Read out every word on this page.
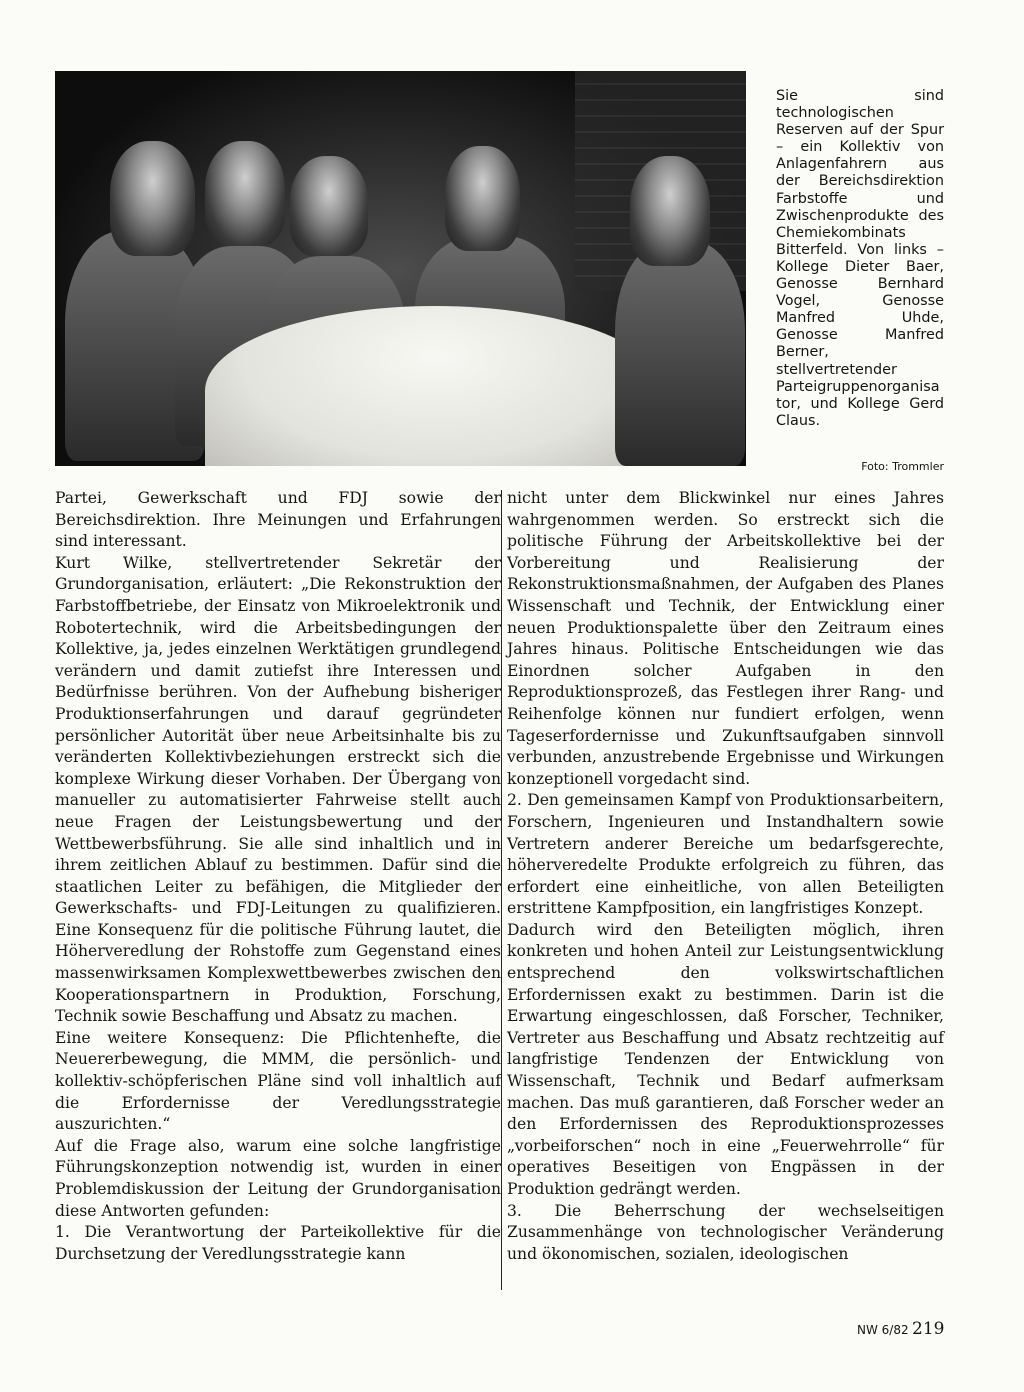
Sie sind technologischen Reserven auf der Spur – ein Kollektiv von Anlagenfahrern aus der Bereichsdirektion Farbstoffe und Zwischenprodukte des Chemiekombinats Bitterfeld. Von links – Kollege Dieter Baer, Genosse Bernhard Vogel, Genosse Manfred Uhde, Genosse Manfred Berner, stellvertretender Parteigruppenorganisator, und Kollege Gerd Claus.
Foto: Trommler

Partei, Gewerkschaft und FDJ sowie der Bereichsdirektion. Ihre Meinungen und Erfahrungen sind interessant.

Kurt Wilke, stellvertretender Sekretär der Grundorganisation, erläutert: „Die Rekonstruktion der Farbstoffbetriebe, der Einsatz von Mikroelektronik und Robotertechnik, wird die Arbeitsbedingungen der Kollektive, ja, jedes einzelnen Werktätigen grundlegend verändern und damit zutiefst ihre Interessen und Bedürfnisse berühren. Von der Aufhebung bisheriger Produktionserfahrungen und darauf gegründeter persönlicher Autorität über neue Arbeitsinhalte bis zu veränderten Kollektivbeziehungen erstreckt sich die komplexe Wirkung dieser Vorhaben. Der Übergang von manueller zu automatisierter Fahrweise stellt auch neue Fragen der Leistungsbewertung und der Wettbewerbsführung. Sie alle sind inhaltlich und in ihrem zeitlichen Ablauf zu bestimmen. Dafür sind die staatlichen Leiter zu befähigen, die Mitglieder der Gewerkschafts- und FDJ-Leitungen zu qualifizieren. Eine Konsequenz für die politische Führung lautet, die Höherveredlung der Rohstoffe zum Gegenstand eines massenwirksamen Komplexwettbewerbes zwischen den Kooperationspartnern in Produktion, Forschung, Technik sowie Beschaffung und Absatz zu machen.

Eine weitere Konsequenz: Die Pflichtenhefte, die Neuererbewegung, die MMM, die persönlich- und kollektiv-schöpferischen Pläne sind voll inhaltlich auf die Erfordernisse der Veredlungsstrategie auszurichten.“

Auf die Frage also, warum eine solche langfristige Führungskonzeption notwendig ist, wurden in einer Problemdiskussion der Leitung der Grundorganisation diese Antworten gefunden:

1. Die Verantwortung der Parteikollektive für die Durchsetzung der Veredlungsstrategie kann

nicht unter dem Blickwinkel nur eines Jahres wahrgenommen werden. So erstreckt sich die politische Führung der Arbeitskollektive bei der Vorbereitung und Realisierung der Rekonstruktionsmaßnahmen, der Aufgaben des Planes Wissenschaft und Technik, der Entwicklung einer neuen Produktionspalette über den Zeitraum eines Jahres hinaus. Politische Entscheidungen wie das Einordnen solcher Aufgaben in den Reproduktionsprozeß, das Festlegen ihrer Rang- und Reihenfolge können nur fundiert erfolgen, wenn Tageserfordernisse und Zukunftsaufgaben sinnvoll verbunden, anzustrebende Ergebnisse und Wirkungen konzeptionell vorgedacht sind.

2. Den gemeinsamen Kampf von Produktionsarbeitern, Forschern, Ingenieuren und Instandhaltern sowie Vertretern anderer Bereiche um bedarfsgerechte, höherveredelte Produkte erfolgreich zu führen, das erfordert eine einheitliche, von allen Beteiligten erstrittene Kampfposition, ein langfristiges Konzept.

Dadurch wird den Beteiligten möglich, ihren konkreten und hohen Anteil zur Leistungsentwicklung entsprechend den volkswirtschaftlichen Erfordernissen exakt zu bestimmen. Darin ist die Erwartung eingeschlossen, daß Forscher, Techniker, Vertreter aus Beschaffung und Absatz rechtzeitig auf langfristige Tendenzen der Entwicklung von Wissenschaft, Technik und Bedarf aufmerksam machen. Das muß garantieren, daß Forscher weder an den Erfordernissen des Reproduktionsprozesses „vorbeiforschen“ noch in eine „Feuerwehrrolle“ für operatives Beseitigen von Engpässen in der Produktion gedrängt werden.

3. Die Beherrschung der wechselseitigen Zusammenhänge von technologischer Veränderung und ökonomischen, sozialen, ideologischen

NW 6/82 219
